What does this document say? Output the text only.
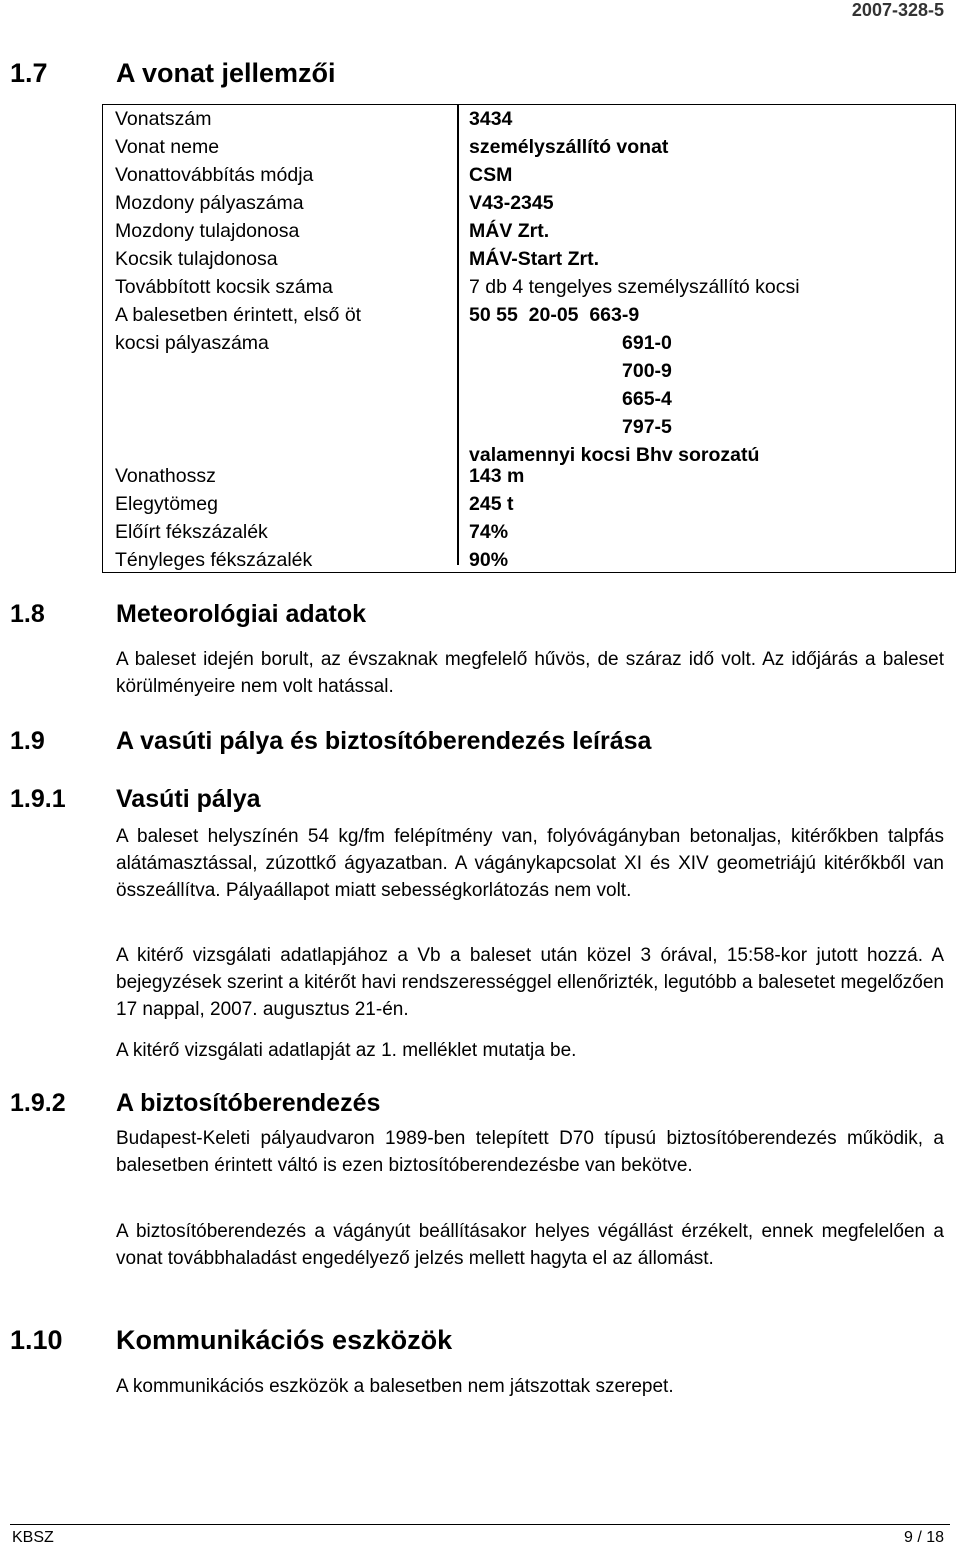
2007-328-5
1.7	A vonat jellemzői
Vonatszám	3434
Vonat neme	személyszállító vonat
Vonattovábbítás módja	CSM
Mozdony pályaszáma	V43-2345
Mozdony tulajdonosa	MÁV Zrt.
Kocsik tulajdonosa	MÁV-Start Zrt.
Továbbított kocsik száma	7 db 4 tengelyes személyszállító kocsi
A balesetben érintett, első öt	50 55  20-05  663-9
kocsi pályaszáma	691-0
700-9
665-4
797-5
valamennyi kocsi Bhv sorozatú
Vonathossz	143 m
Elegytömeg	245 t
Előírt fékszázalék	74%
Tényleges fékszázalék	90%
1.8	Meteorológiai adatok
A baleset idején borult, az évszaknak megfelelő hűvös, de száraz idő volt. Az időjárás a baleset körülményeire nem volt hatással.
1.9	A vasúti pálya és biztosítóberendezés leírása
1.9.1 Vasúti pálya
A baleset helyszínén 54 kg/fm felépítmény van, folyóvágányban betonaljas, kitérőkben talpfás alátámasztással, zúzottkő ágyazatban. A vágánykapcsolat XI és XIV geometriájú kitérőkből van összeállítva. Pályaállapot miatt sebességkorlátozás nem volt.
A kitérő vizsgálati adatlapjához a Vb a baleset után közel 3 órával, 15:58-kor jutott hozzá. A bejegyzések szerint a kitérőt havi rendszerességgel ellenőrizték, legutóbb a balesetet megelőzően 17 nappal, 2007. augusztus 21-én.
A kitérő vizsgálati adatlapját az 1. melléklet mutatja be.
1.9.2 A biztosítóberendezés
Budapest-Keleti pályaudvaron 1989-ben telepített D70 típusú biztosítóberendezés működik, a balesetben érintett váltó is ezen biztosítóberendezésbe van bekötve.
A biztosítóberendezés a vágányút beállításakor helyes végállást érzékelt, ennek megfelelően a vonat továbbhaladást engedélyező jelzés mellett hagyta el az állomást.
1.10 Kommunikációs eszközök
A kommunikációs eszközök a balesetben nem játszottak szerepet.
KBSZ	9 / 18
